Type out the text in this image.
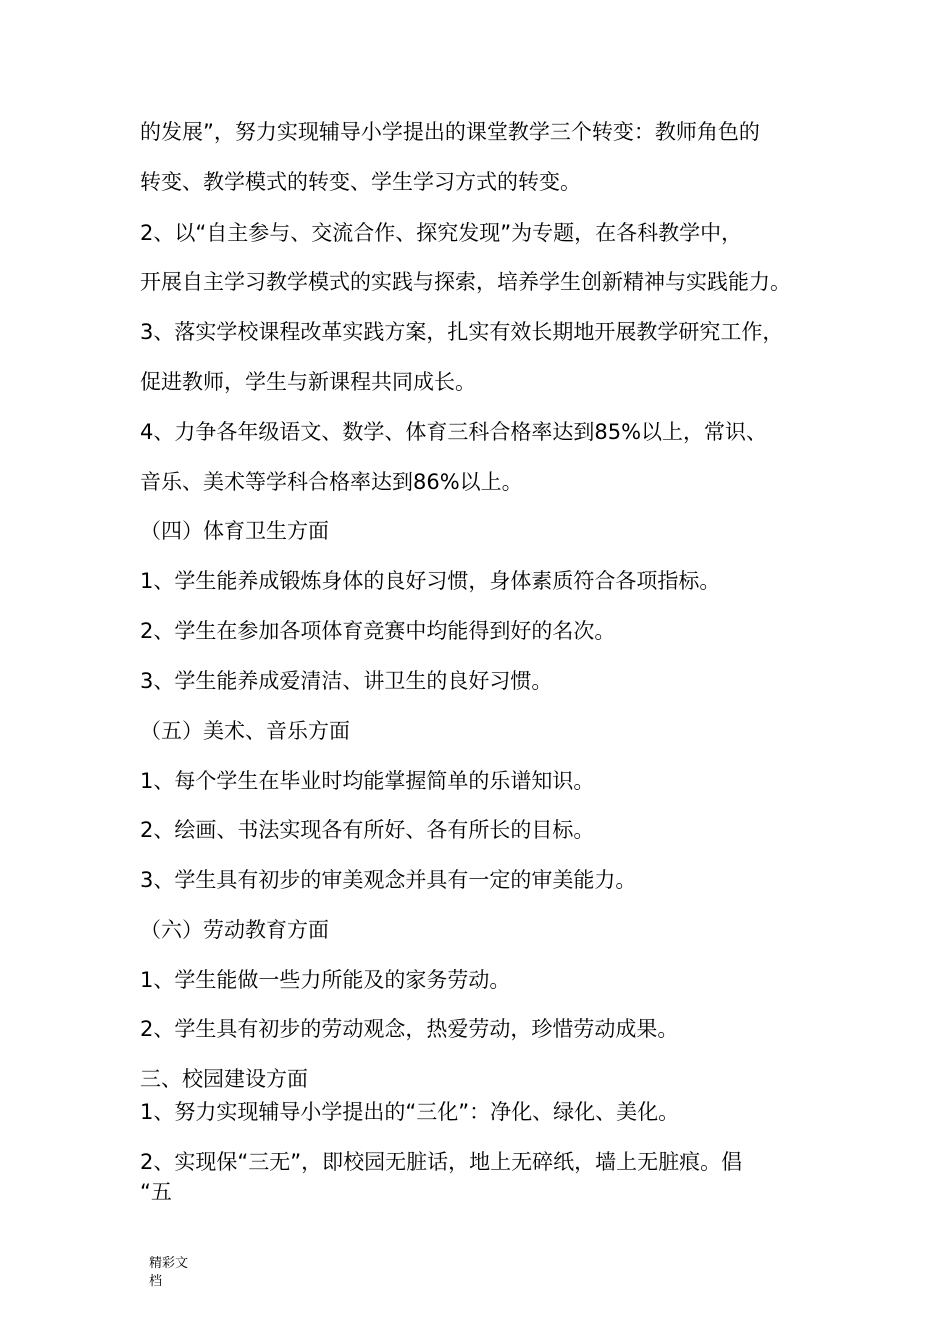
的发展”，努力实现辅导小学提出的课堂教学三个转变：教师角色的
转变、教学模式的转变、学生学习方式的转变。
2、以“自主参与、交流合作、探究发现”为专题，在各科教学中，
开展自主学习教学模式的实践与探索，培养学生创新精神与实践能力。
3、落实学校课程改革实践方案，扎实有效长期地开展教学研究工作，
促进教师，学生与新课程共同成长。
4、力争各年级语文、数学、体育三科合格率达到85%以上，常识、
音乐、美术等学科合格率达到86%以上。
（四）体育卫生方面
1、学生能养成锻炼身体的良好习惯，身体素质符合各项指标。
2、学生在参加各项体育竞赛中均能得到好的名次。
3、学生能养成爱清洁、讲卫生的良好习惯。
（五）美术、音乐方面
1、每个学生在毕业时均能掌握简单的乐谱知识。
2、绘画、书法实现各有所好、各有所长的目标。
3、学生具有初步的审美观念并具有一定的审美能力。
（六）劳动教育方面
1、学生能做一些力所能及的家务劳动。
2、学生具有初步的劳动观念，热爱劳动，珍惜劳动成果。
三、校园建设方面
1、努力实现辅导小学提出的“三化”：净化、绿化、美化。
2、实现保“三无”，即校园无脏话，地上无碎纸，墙上无脏痕。倡
“五
精彩文
档
